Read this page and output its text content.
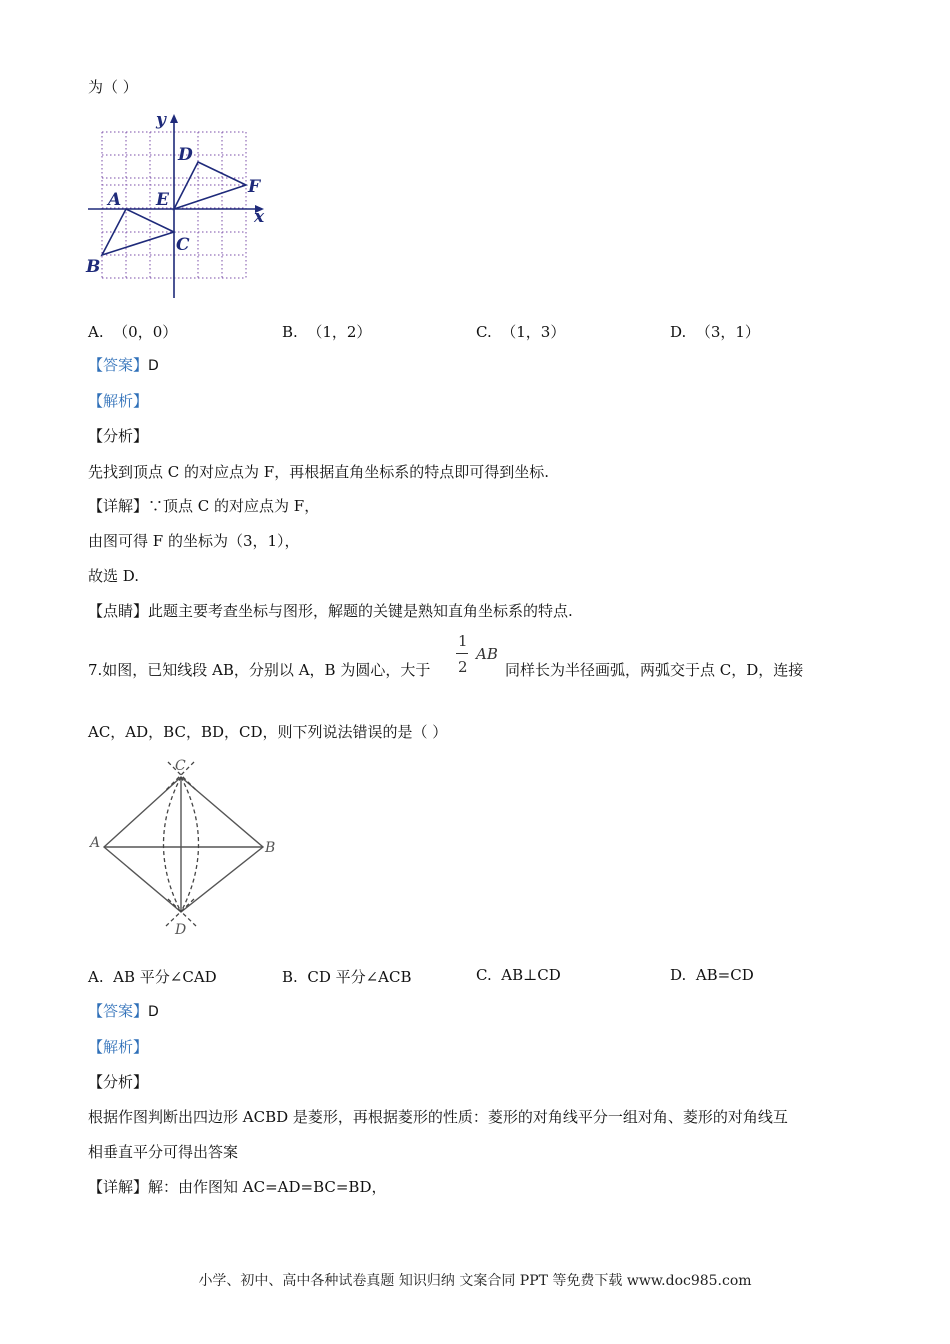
为（ ）
y
x
D
F
A E
C
B
A. （0，0）	B. （1，2）	C. （1，3）	D. （3，1）
【答案】D
【解析】
【分析】
先找到顶点 C 的对应点为 F，再根据直角坐标系的特点即可得到坐标.
【详解】∵顶点 C 的对应点为 F，
由图可得 F 的坐标为（3，1），
故选 D.
【点睛】此题主要考查坐标与图形，解题的关键是熟知直角坐标系的特点.
7.如图，已知线段 AB，分别以 A，B 为圆心，大于
1
2
AB
同样长为半径画弧，两弧交于点 C，D，连接
AC，AD，BC，BD，CD，则下列说法错误的是（ ）
C
A	B
D
A. AB 平分∠CAD	B. CD 平分∠ACB	C. AB⊥CD	D. AB=CD
【答案】D
【解析】
【分析】
根据作图判断出四边形 ACBD 是菱形，再根据菱形的性质：菱形的对角线平分一组对角、菱形的对角线互
相垂直平分可得出答案
【详解】解：由作图知 AC=AD=BC=BD，
小学、初中、高中各种试卷真题 知识归纳 文案合同 PPT 等免费下载 www.doc985.com
